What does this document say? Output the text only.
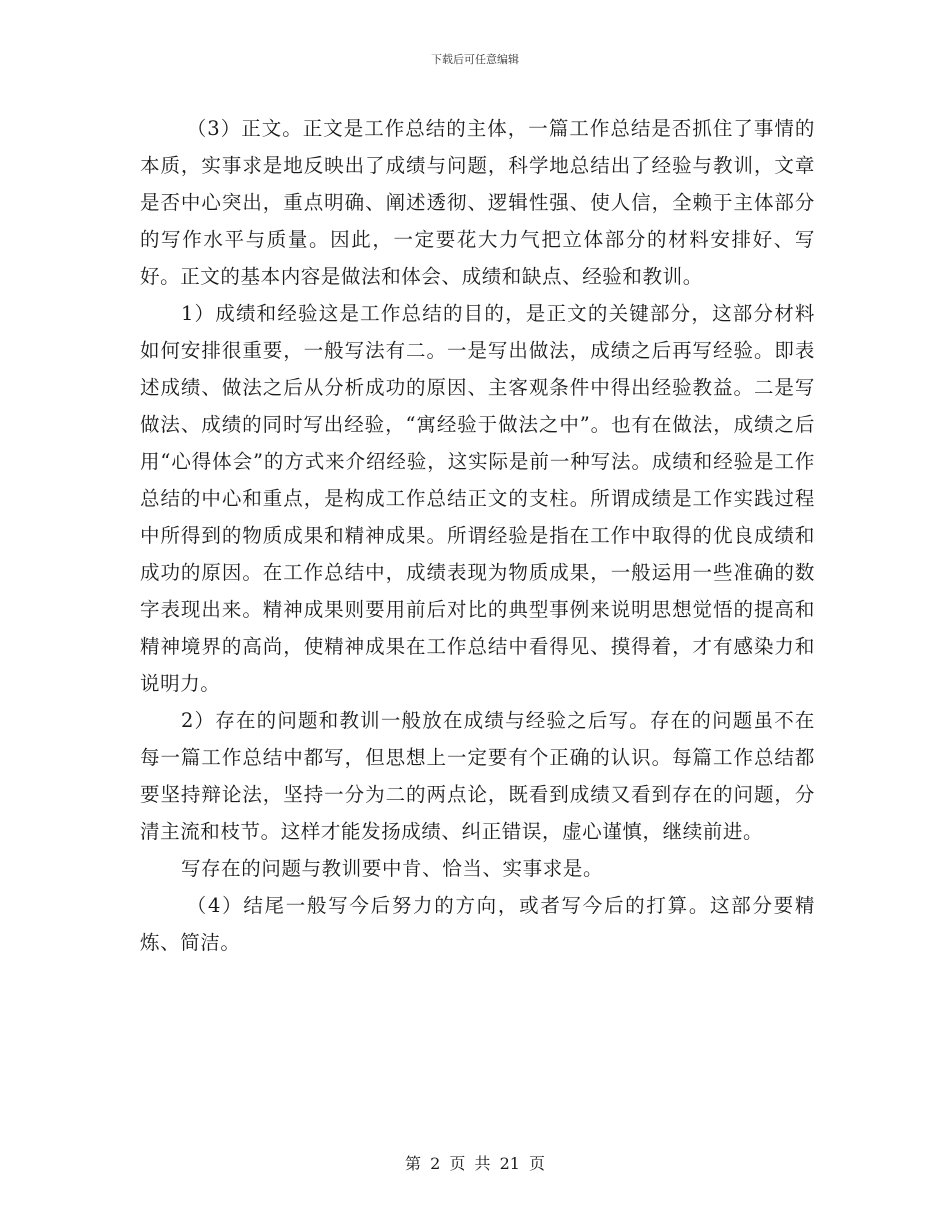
下载后可任意编辑

（3）正文。正文是工作总结的主体，一篇工作总结是否抓住了事情的本质，实事求是地反映出了成绩与问题，科学地总结出了经验与教训，文章是否中心突出，重点明确、阐述透彻、逻辑性强、使人信，全赖于主体部分的写作水平与质量。因此，一定要花大力气把立体部分的材料安排好、写好。正文的基本内容是做法和体会、成绩和缺点、经验和教训。

1）成绩和经验这是工作总结的目的，是正文的关键部分，这部分材料如何安排很重要，一般写法有二。一是写出做法，成绩之后再写经验。即表述成绩、做法之后从分析成功的原因、主客观条件中得出经验教益。二是写做法、成绩的同时写出经验，“寓经验于做法之中”。也有在做法，成绩之后用“心得体会”的方式来介绍经验，这实际是前一种写法。成绩和经验是工作总结的中心和重点，是构成工作总结正文的支柱。所谓成绩是工作实践过程中所得到的物质成果和精神成果。所谓经验是指在工作中取得的优良成绩和成功的原因。在工作总结中，成绩表现为物质成果，一般运用一些准确的数字表现出来。精神成果则要用前后对比的典型事例来说明思想觉悟的提高和精神境界的高尚，使精神成果在工作总结中看得见、摸得着，才有感染力和说明力。

2）存在的问题和教训一般放在成绩与经验之后写。存在的问题虽不在每一篇工作总结中都写，但思想上一定要有个正确的认识。每篇工作总结都要坚持辩论法，坚持一分为二的两点论，既看到成绩又看到存在的问题，分清主流和枝节。这样才能发扬成绩、纠正错误，虚心谨慎，继续前进。

写存在的问题与教训要中肯、恰当、实事求是。

（4）结尾一般写今后努力的方向，或者写今后的打算。这部分要精炼、简洁。

第 2 页 共 21 页
